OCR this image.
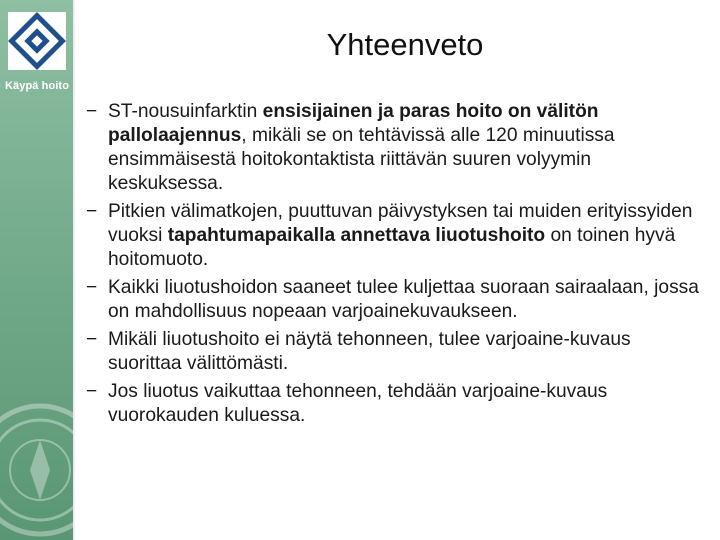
Käypä hoito
Yhteenveto
− ST-nousuinfarktin ensisijainen ja paras hoito on välitön pallolaajennus, mikäli se on tehtävissä alle 120 minuutissa ensimmäisestä hoitokontaktista riittävän suuren volyymin keskuksessa.
− Pitkien välimatkojen, puuttuvan päivystyksen tai muiden erityissyiden vuoksi tapahtumapaikalla annettava liuotushoito on toinen hyvä hoitomuoto.
− Kaikki liuotushoidon saaneet tulee kuljettaa suoraan sairaalaan, jossa on mahdollisuus nopeaan varjoainekuvaukseen.
− Mikäli liuotushoito ei näytä tehonneen, tulee varjoaine-kuvaus suorittaa välittömästi.
− Jos liuotus vaikuttaa tehonneen, tehdään varjoaine-kuvaus vuorokauden kuluessa.
